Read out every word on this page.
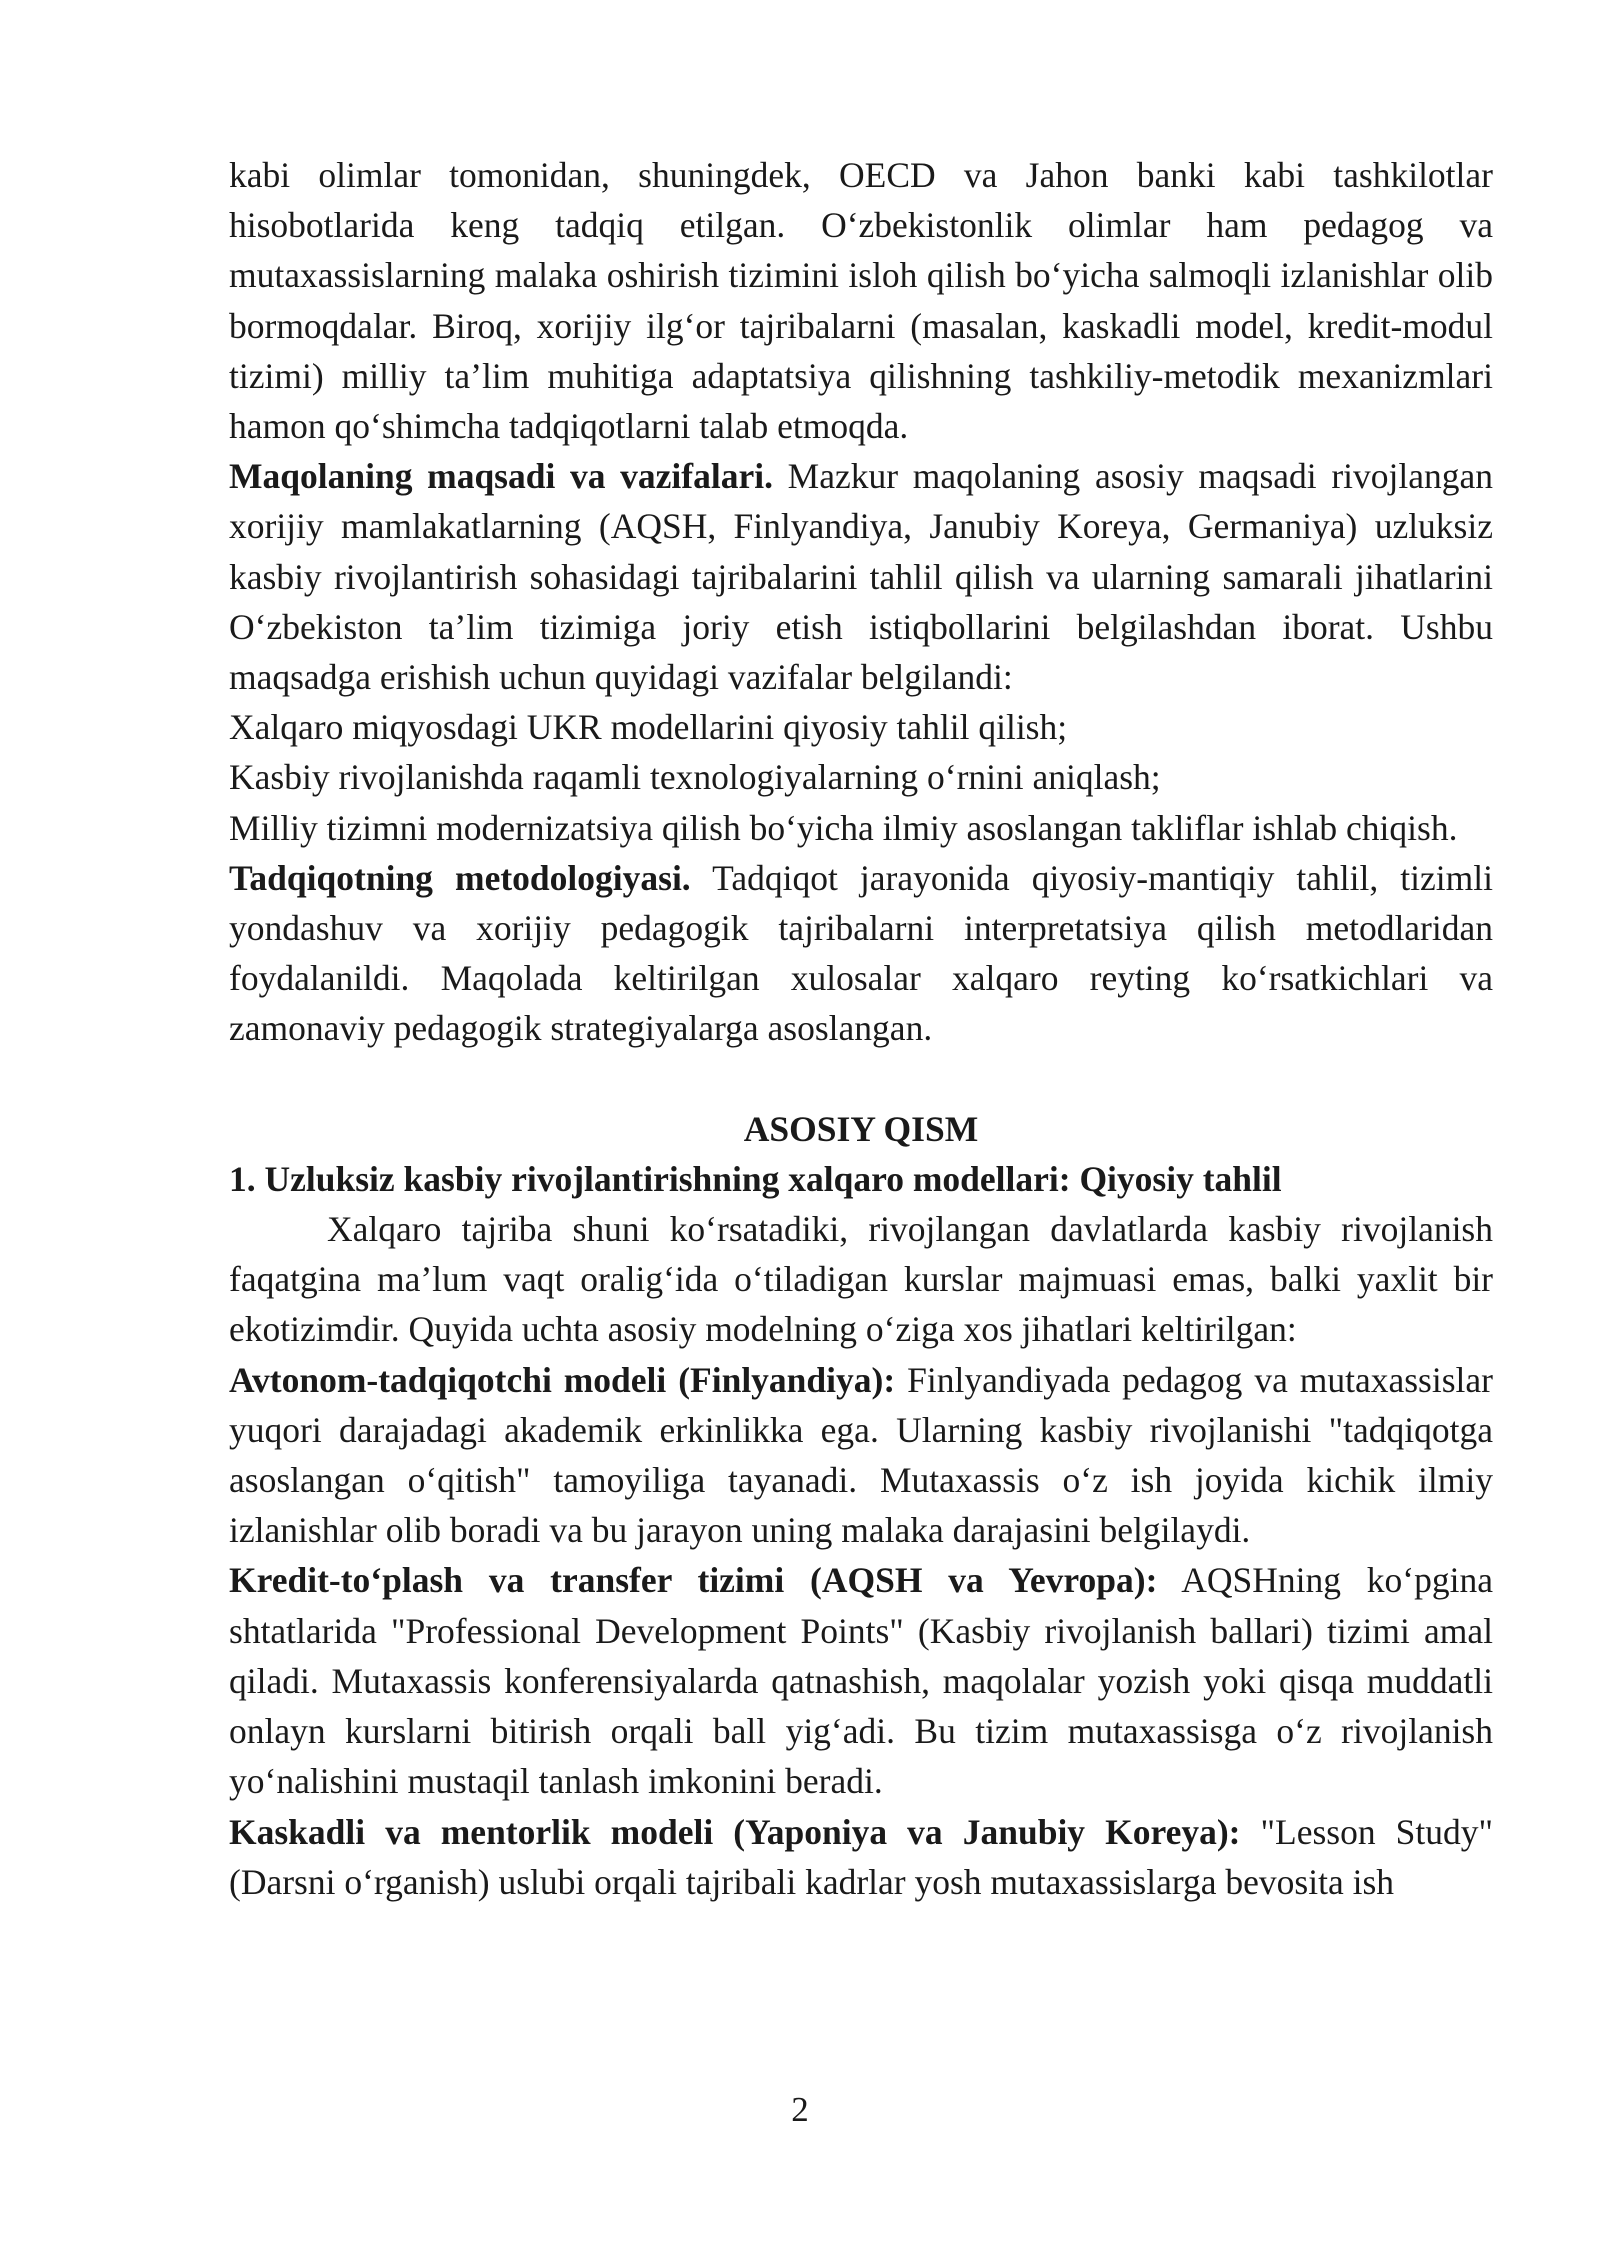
kabi olimlar tomonidan, shuningdek, OECD va Jahon banki kabi tashkilotlar hisobotlarida keng tadqiq etilgan. O‘zbekistonlik olimlar ham pedagog va mutaxassislarning malaka oshirish tizimini isloh qilish bo‘yicha salmoqli izlanishlar olib bormoqdalar. Biroq, xorijiy ilg‘or tajribalarni (masalan, kaskadli model, kredit-modul tizimi) milliy ta’lim muhitiga adaptatsiya qilishning tashkiliy-metodik mexanizmlari hamon qo‘shimcha tadqiqotlarni talab etmoqda.

Maqolaning maqsadi va vazifalari. Mazkur maqolaning asosiy maqsadi rivojlangan xorijiy mamlakatlarning (AQSH, Finlyandiya, Janubiy Koreya, Germaniya) uzluksiz kasbiy rivojlantirish sohasidagi tajribalarini tahlil qilish va ularning samarali jihatlarini O‘zbekiston ta’lim tizimiga joriy etish istiqbollarini belgilashdan iborat. Ushbu maqsadga erishish uchun quyidagi vazifalar belgilandi:

Xalqaro miqyosdagi UKR modellarini qiyosiy tahlil qilish;

Kasbiy rivojlanishda raqamli texnologiyalarning o‘rnini aniqlash;

Milliy tizimni modernizatsiya qilish bo‘yicha ilmiy asoslangan takliflar ishlab chiqish.

Tadqiqotning metodologiyasi. Tadqiqot jarayonida qiyosiy-mantiqiy tahlil, tizimli yondashuv va xorijiy pedagogik tajribalarni interpretatsiya qilish metodlaridan foydalanildi. Maqolada keltirilgan xulosalar xalqaro reyting ko‘rsatkichlari va zamonaviy pedagogik strategiyalarga asoslangan.

ASOSIY QISM

1. Uzluksiz kasbiy rivojlantirishning xalqaro modellari: Qiyosiy tahlil

Xalqaro tajriba shuni ko‘rsatadiki, rivojlangan davlatlarda kasbiy rivojlanish faqatgina ma’lum vaqt oralig‘ida o‘tiladigan kurslar majmuasi emas, balki yaxlit bir ekotizimdir. Quyida uchta asosiy modelning o‘ziga xos jihatlari keltirilgan:

Avtonom-tadqiqotchi modeli (Finlyandiya): Finlyandiyada pedagog va mutaxassislar yuqori darajadagi akademik erkinlikka ega. Ularning kasbiy rivojlanishi "tadqiqotga asoslangan o‘qitish" tamoyiliga tayanadi. Mutaxassis o‘z ish joyida kichik ilmiy izlanishlar olib boradi va bu jarayon uning malaka darajasini belgilaydi.

Kredit-to‘plash va transfer tizimi (AQSH va Yevropa): AQSHning ko‘pgina shtatlarida "Professional Development Points" (Kasbiy rivojlanish ballari) tizimi amal qiladi. Mutaxassis konferensiyalarda qatnashish, maqolalar yozish yoki qisqa muddatli onlayn kurslarni bitirish orqali ball yig‘adi. Bu tizim mutaxassisga o‘z rivojlanish yo‘nalishini mustaqil tanlash imkonini beradi.

Kaskadli va mentorlik modeli (Yaponiya va Janubiy Koreya): "Lesson Study" (Darsni o‘rganish) uslubi orqali tajribali kadrlar yosh mutaxassislarga bevosita ish

2
